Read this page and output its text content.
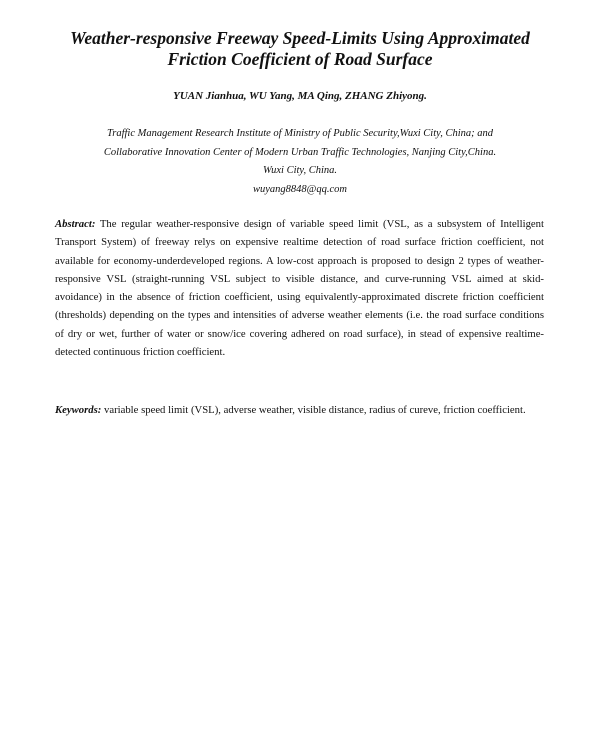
Weather-responsive Freeway Speed-Limits Using Approximated
Friction Coefficient of Road Surface
YUAN Jianhua, WU Yang, MA Qing, ZHANG Zhiyong.
Traffic Management Research Institute of Ministry of Public Security,Wuxi City, China; and
Collaborative Innovation Center of Modern Urban Traffic Technologies, Nanjing City,China.
Wuxi City, China.
wuyang8848@qq.com

Abstract: The regular weather-responsive design of variable speed limit (VSL, as a subsystem of Intelligent Transport System) of freeway relys on expensive realtime detection of road surface friction coefficient, not available for economy-underdeveloped regions. A low-cost approach is proposed to design 2 types of weather-responsive VSL (straight-running VSL subject to visible distance, and curve-running VSL aimed at skid-avoidance) in the absence of friction coefficient, using equivalently-approximated discrete friction coefficient (thresholds) depending on the types and intensities of adverse weather elements (i.e. the road surface conditions of dry or wet, further of water or snow/ice covering adhered on road surface), in stead of expensive realtime-detected continuous friction coefficient.

Keywords: variable speed limit (VSL), adverse weather, visible distance, radius of cureve, friction coefficient.
